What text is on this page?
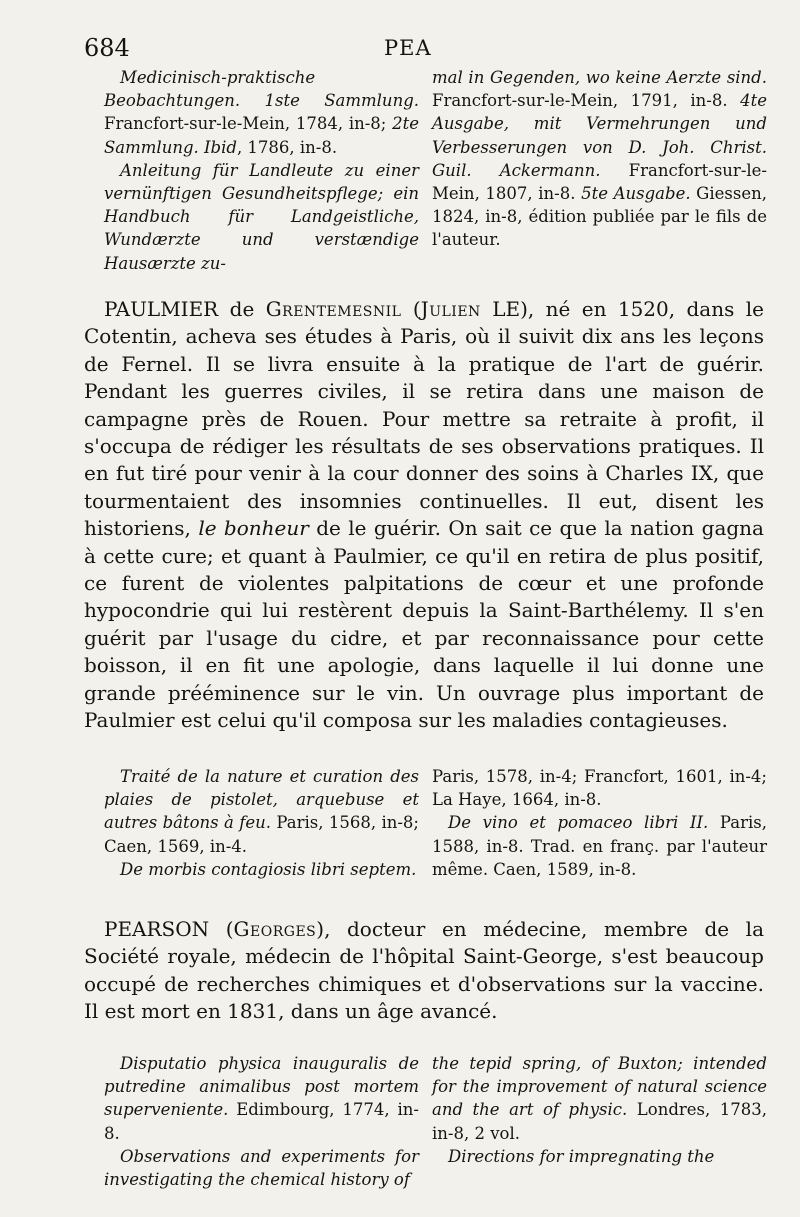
684	PEA

Medicinisch-praktische Beobachtungen. 1ste Sammlung. Francfort-sur-le-Mein, 1784, in-8; 2te Sammlung. Ibid, 1786, in-8.

Anleitung für Landleute zu einer vernünftigen Gesundheitspflege; ein Handbuch für Landgeistliche, Wundærzte und verstændige Hausærzte zu-

mal in Gegenden, wo keine Aerzte sind. Francfort-sur-le-Mein, 1791, in-8. 4te Ausgabe, mit Vermehrungen und Verbesserungen von D. Joh. Christ. Guil. Ackermann. Francfort-sur-le-Mein, 1807, in-8. 5te Ausgabe. Giessen, 1824, in-8, édition publiée par le fils de l'auteur.

PAULMIER de Grentemesnil (Julien LE), né en 1520, dans le Cotentin, acheva ses études à Paris, où il suivit dix ans les leçons de Fernel. Il se livra ensuite à la pratique de l'art de guérir. Pendant les guerres civiles, il se retira dans une maison de campagne près de Rouen. Pour mettre sa retraite à profit, il s'occupa de rédiger les résultats de ses observations pratiques. Il en fut tiré pour venir à la cour donner des soins à Charles IX, que tourmentaient des insomnies continuelles. Il eut, disent les historiens, le bonheur de le guérir. On sait ce que la nation gagna à cette cure; et quant à Paulmier, ce qu'il en retira de plus positif, ce furent de violentes palpitations de cœur et une profonde hypocondrie qui lui restèrent depuis la Saint-Barthélemy. Il s'en guérit par l'usage du cidre, et par reconnaissance pour cette boisson, il en fit une apologie, dans laquelle il lui donne une grande prééminence sur le vin. Un ouvrage plus important de Paulmier est celui qu'il composa sur les maladies contagieuses.

Traité de la nature et curation des plaies de pistolet, arquebuse et autres bâtons à feu. Paris, 1568, in-8; Caen, 1569, in-4.

De morbis contagiosis libri septem.

Paris, 1578, in-4; Francfort, 1601, in-4; La Haye, 1664, in-8.

De vino et pomaceo libri II. Paris, 1588, in-8. Trad. en franç. par l'auteur même. Caen, 1589, in-8.

PEARSON (Georges), docteur en médecine, membre de la Société royale, médecin de l'hôpital Saint-George, s'est beaucoup occupé de recherches chimiques et d'observations sur la vaccine. Il est mort en 1831, dans un âge avancé.

Disputatio physica inauguralis de putredine animalibus post mortem superveniente. Edimbourg, 1774, in-8.

Observations and experiments for investigating the chemical history of

the tepid spring, of Buxton; intended for the improvement of natural science and the art of physic. Londres, 1783, in-8, 2 vol.

Directions for impregnating the
